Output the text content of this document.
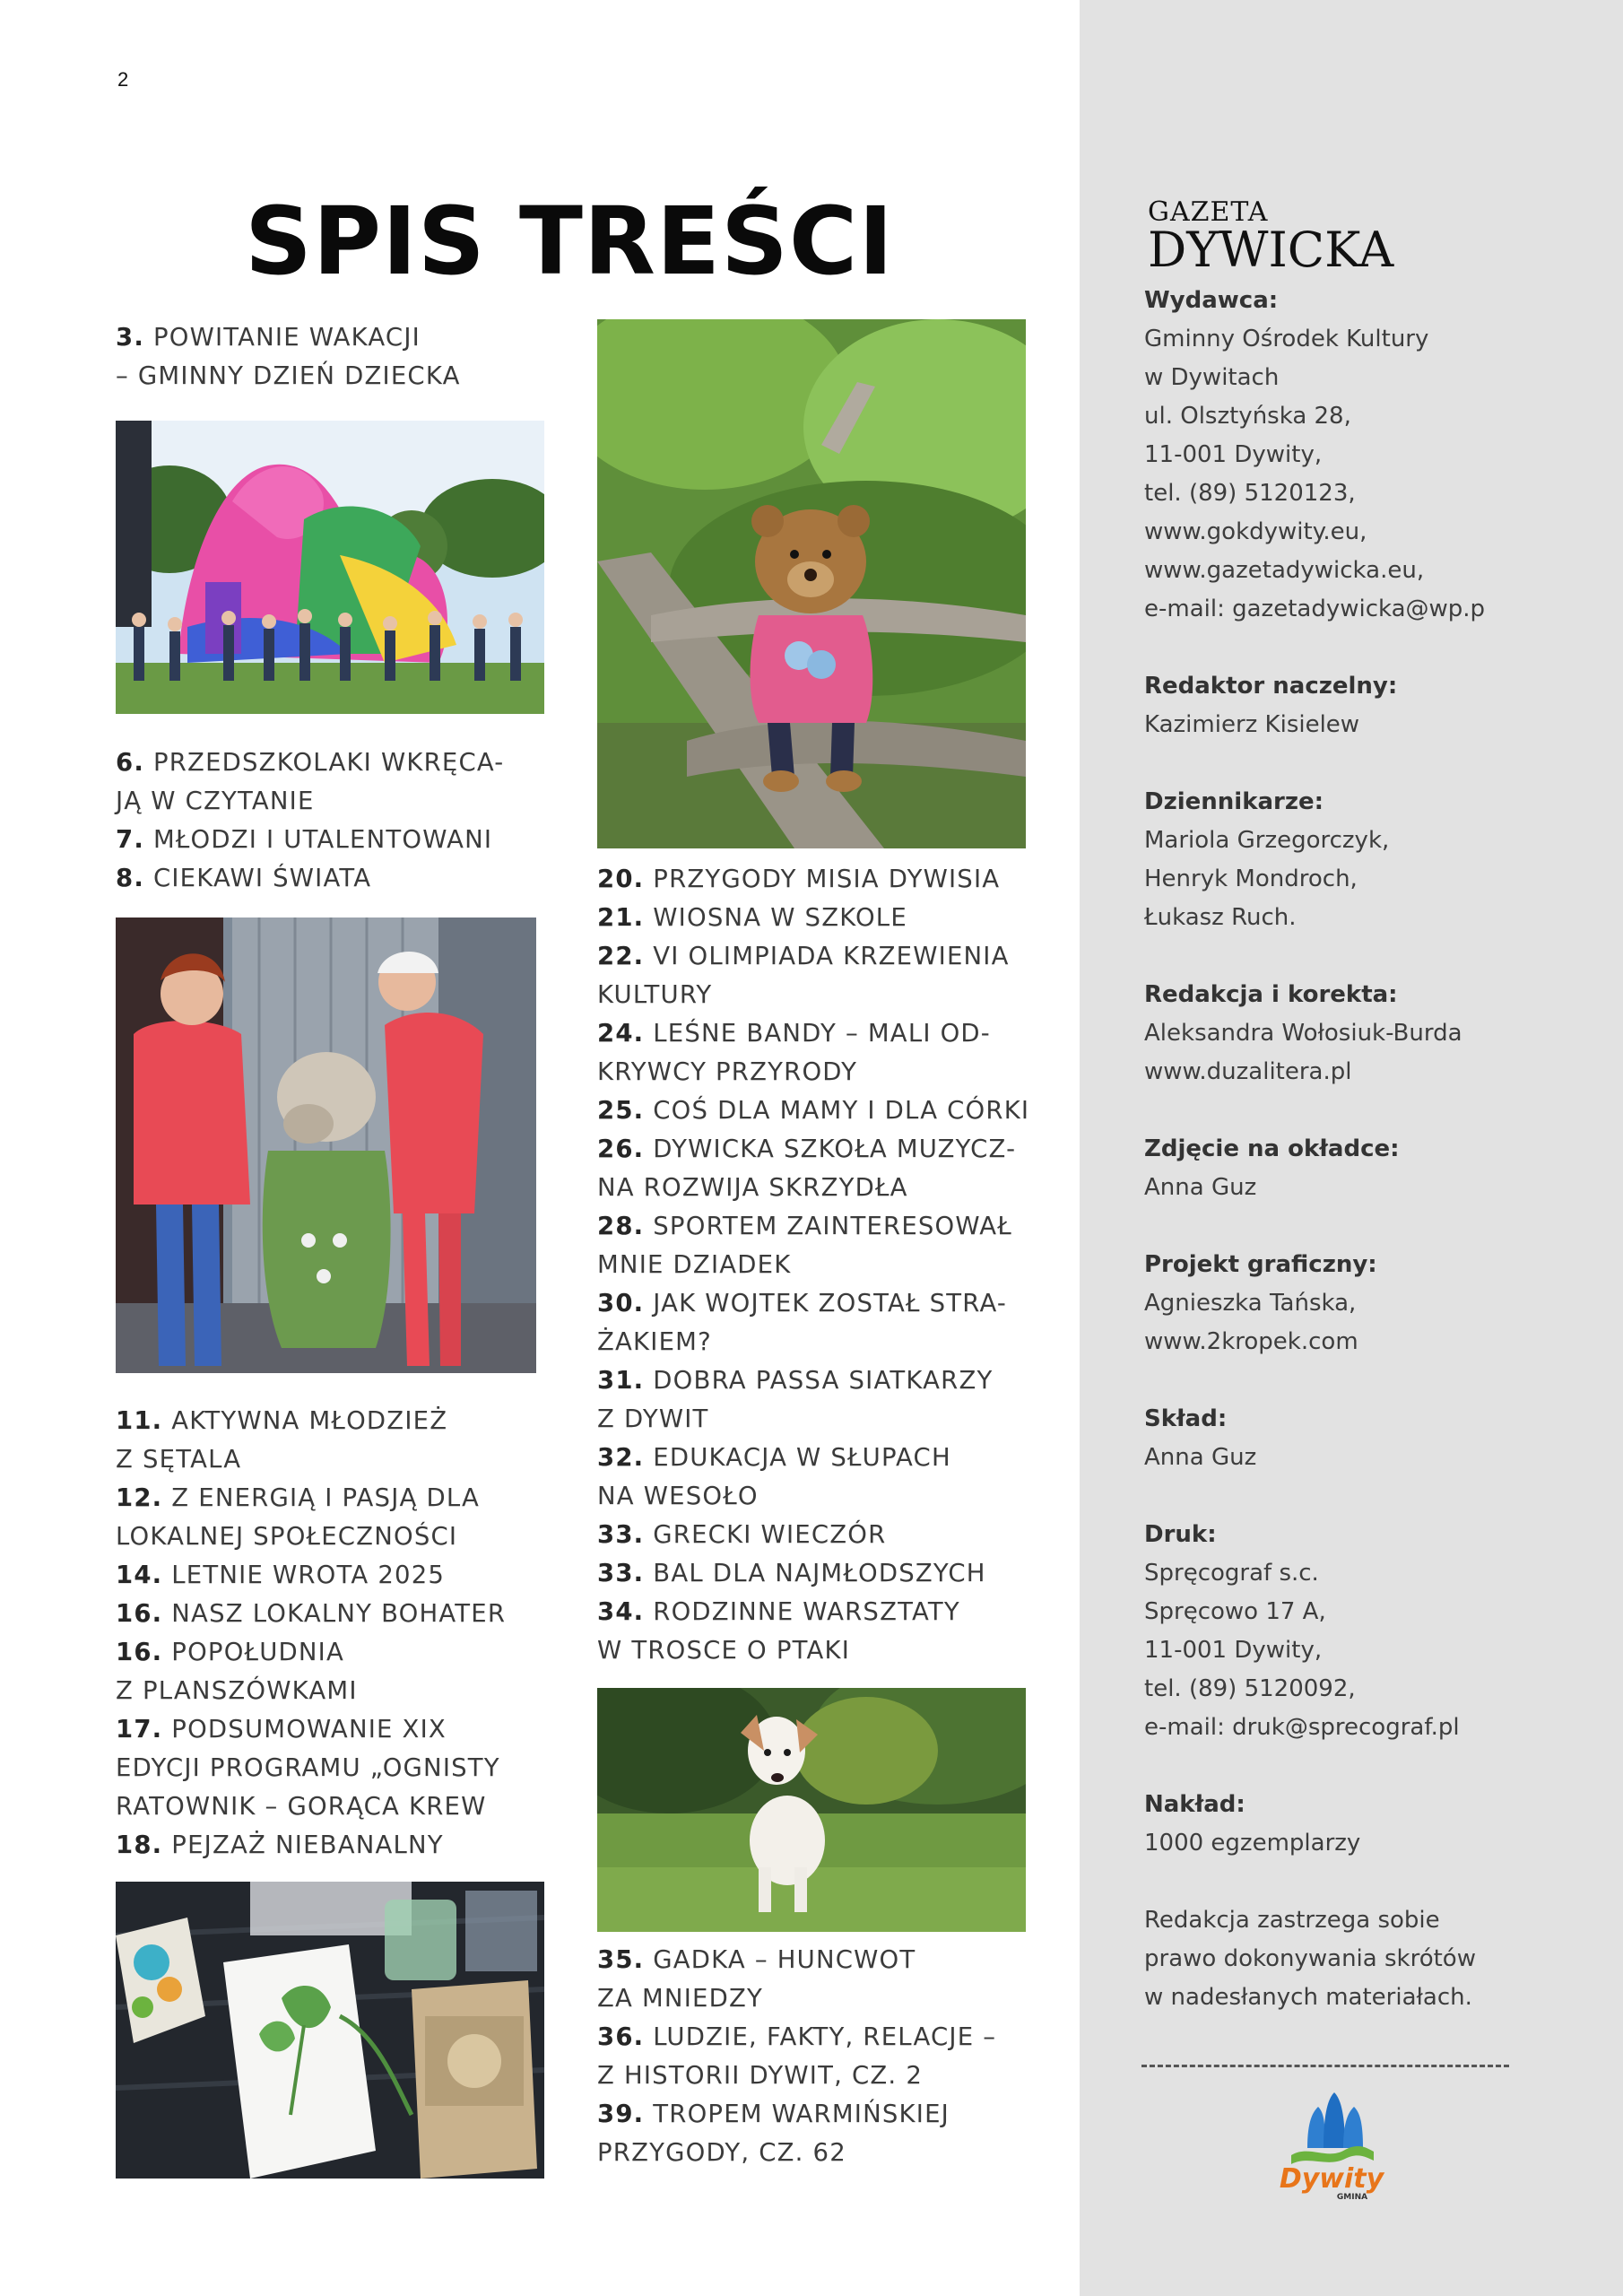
2
SPIS TREŚCI
3. POWITANIE WAKACJI
– GMINNY DZIEŃ DZIECKA
6. PRZEDSZKOLAKI WKRĘCA-
JĄ W CZYTANIE
7. MŁODZI I UTALENTOWANI
8. CIEKAWI ŚWIATA
11. AKTYWNA MŁODZIEŻ
Z SĘTALA
12. Z ENERGIĄ I PASJĄ DLA
LOKALNEJ SPOŁECZNOŚCI
14. LETNIE WROTA 2025
16. NASZ LOKALNY BOHATER
16. POPOŁUDNIA
Z PLANSZÓWKAMI
17. PODSUMOWANIE XIX
EDYCJI PROGRAMU „OGNISTY
RATOWNIK – GORĄCA KREW
18. PEJZAŻ NIEBANALNY
20. PRZYGODY MISIA DYWISIA
21. WIOSNA W SZKOLE
22. VI OLIMPIADA KRZEWIENIA
KULTURY
24. LEŚNE BANDY – MALI OD-
KRYWCY PRZYRODY
25. COŚ DLA MAMY I DLA CÓRKI
26. DYWICKA SZKOŁA MUZYCZ-
NA ROZWIJA SKRZYDŁA
28. SPORTEM ZAINTERESOWAŁ
MNIE DZIADEK
30. JAK WOJTEK ZOSTAŁ STRA-
ŻAKIEM?
31. DOBRA PASSA SIATKARZY
Z DYWIT
32. EDUKACJA W SŁUPACH
NA WESOŁO
33. GRECKI WIECZÓR
33. BAL DLA NAJMŁODSZYCH
34. RODZINNE WARSZTATY
W TROSCE O PTAKI
35. GADKA – HUNCWOT
ZA MNIEDZY
36. LUDZIE, FAKTY, RELACJE –
Z HISTORII DYWIT, CZ. 2
39. TROPEM WARMIŃSKIEJ
PRZYGODY, CZ. 62
GAZETA
DYWICKA
Wydawca:
Gminny Ośrodek Kultury
w Dywitach
ul. Olsztyńska 28,
11-001 Dywity,
tel. (89) 5120123,
www.gokdywity.eu,
www.gazetadywicka.eu,
e-mail: gazetadywicka@wp.p
Redaktor naczelny:
Kazimierz Kisielew
Dziennikarze:
Mariola Grzegorczyk,
Henryk Mondroch,
Łukasz Ruch.
Redakcja i korekta:
Aleksandra Wołosiuk-Burda
www.duzalitera.pl
Zdjęcie na okładce:
Anna Guz
Projekt graficzny:
Agnieszka Tańska,
www.2kropek.com
Skład:
Anna Guz
Druk:
Spręcograf s.c.
Spręcowo 17 A,
11-001 Dywity,
tel. (89) 5120092,
e-mail: druk@sprecograf.pl
Nakład:
1000 egzemplarzy
Redakcja zastrzega sobie
prawo dokonywania skrótów
w nadesłanych materiałach.
Dywity
GMINA
